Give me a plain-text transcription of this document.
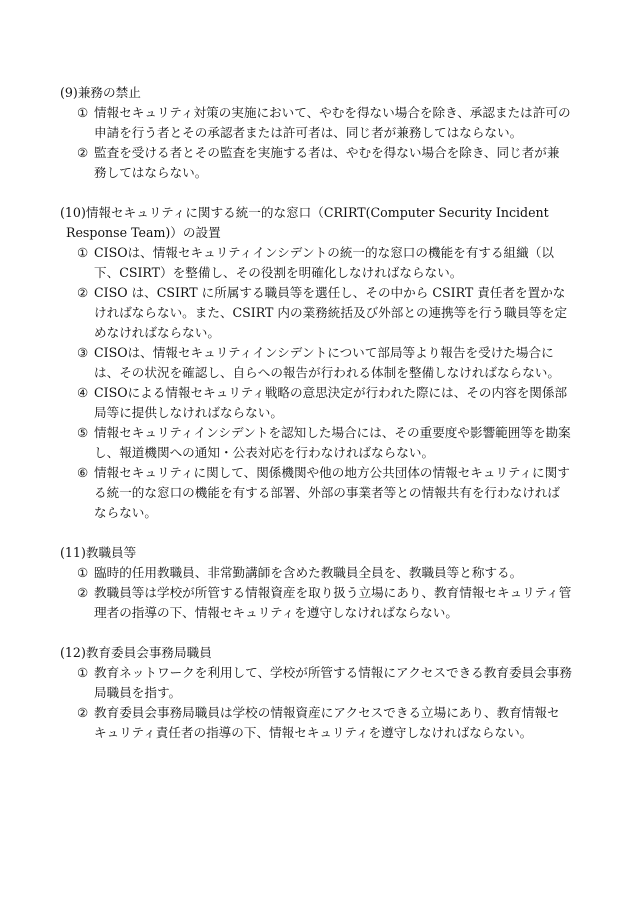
(9)兼務の禁止
① 情報セキュリティ対策の実施において、やむを得ない場合を除き、承認または許可の申請を行う者とその承認者または許可者は、同じ者が兼務してはならない。
② 監査を受ける者とその監査を実施する者は、やむを得ない場合を除き、同じ者が兼務してはならない。
(10)情報セキュリティに関する統一的な窓口（CRIRT(Computer Security Incident
Response Team)）の設置
① CISOは、情報セキュリティインシデントの統一的な窓口の機能を有する組織（以下、CSIRT）を整備し、その役割を明確化しなければならない。
② CISO は、CSIRT に所属する職員等を選任し、その中から CSIRT 責任者を置かなければならない。また、CSIRT 内の業務統括及び外部との連携等を行う職員等を定めなければならない。
③ CISOは、情報セキュリティインシデントについて部局等より報告を受けた場合には、その状況を確認し、自らへの報告が行われる体制を整備しなければならない。
④ CISOによる情報セキュリティ戦略の意思決定が行われた際には、その内容を関係部局等に提供しなければならない。
⑤ 情報セキュリティインシデントを認知した場合には、その重要度や影響範囲等を勘案し、報道機関への通知・公表対応を行わなければならない。
⑥ 情報セキュリティに関して、関係機関や他の地方公共団体の情報セキュリティに関する統一的な窓口の機能を有する部署、外部の事業者等との情報共有を行わなければならない。
(11)教職員等
① 臨時的任用教職員、非常勤講師を含めた教職員全員を、教職員等と称する。
② 教職員等は学校が所管する情報資産を取り扱う立場にあり、教育情報セキュリティ管理者の指導の下、情報セキュリティを遵守しなければならない。
(12)教育委員会事務局職員
① 教育ネットワークを利用して、学校が所管する情報にアクセスできる教育委員会事務局職員を指す。
② 教育委員会事務局職員は学校の情報資産にアクセスできる立場にあり、教育情報セキュリティ責任者の指導の下、情報セキュリティを遵守しなければならない。
